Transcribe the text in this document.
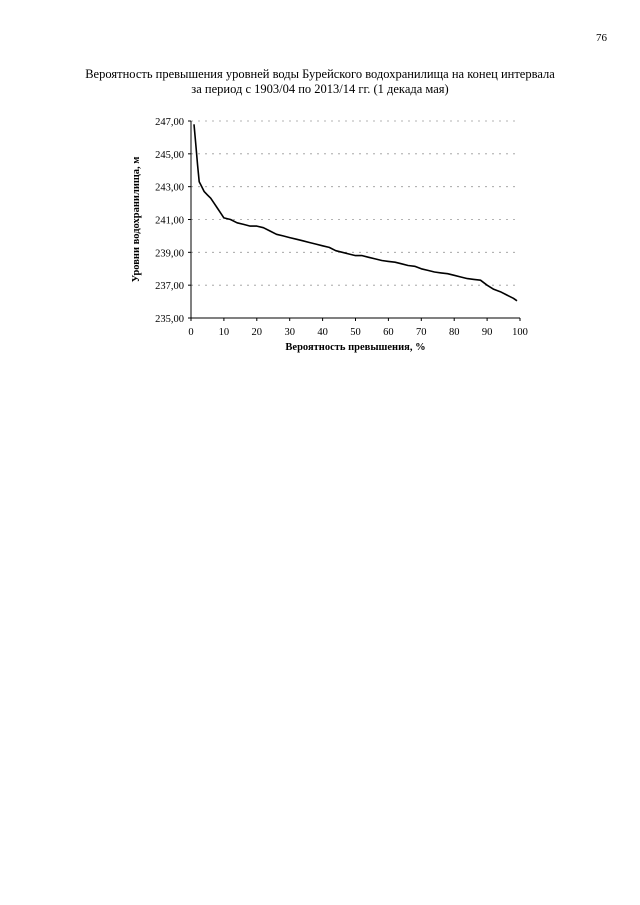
76
Вероятность превышения уровней воды Бурейского водохранилища на конец интервала
за период с 1903/04 по 2013/14 гг. (1 декада мая)
235,00
237,00
239,00
241,00
243,00
245,00
247,00
0 10 20 30 40 50 60 70 80 90 100
Вероятность превышения, %
Уровни водохранилища, м
